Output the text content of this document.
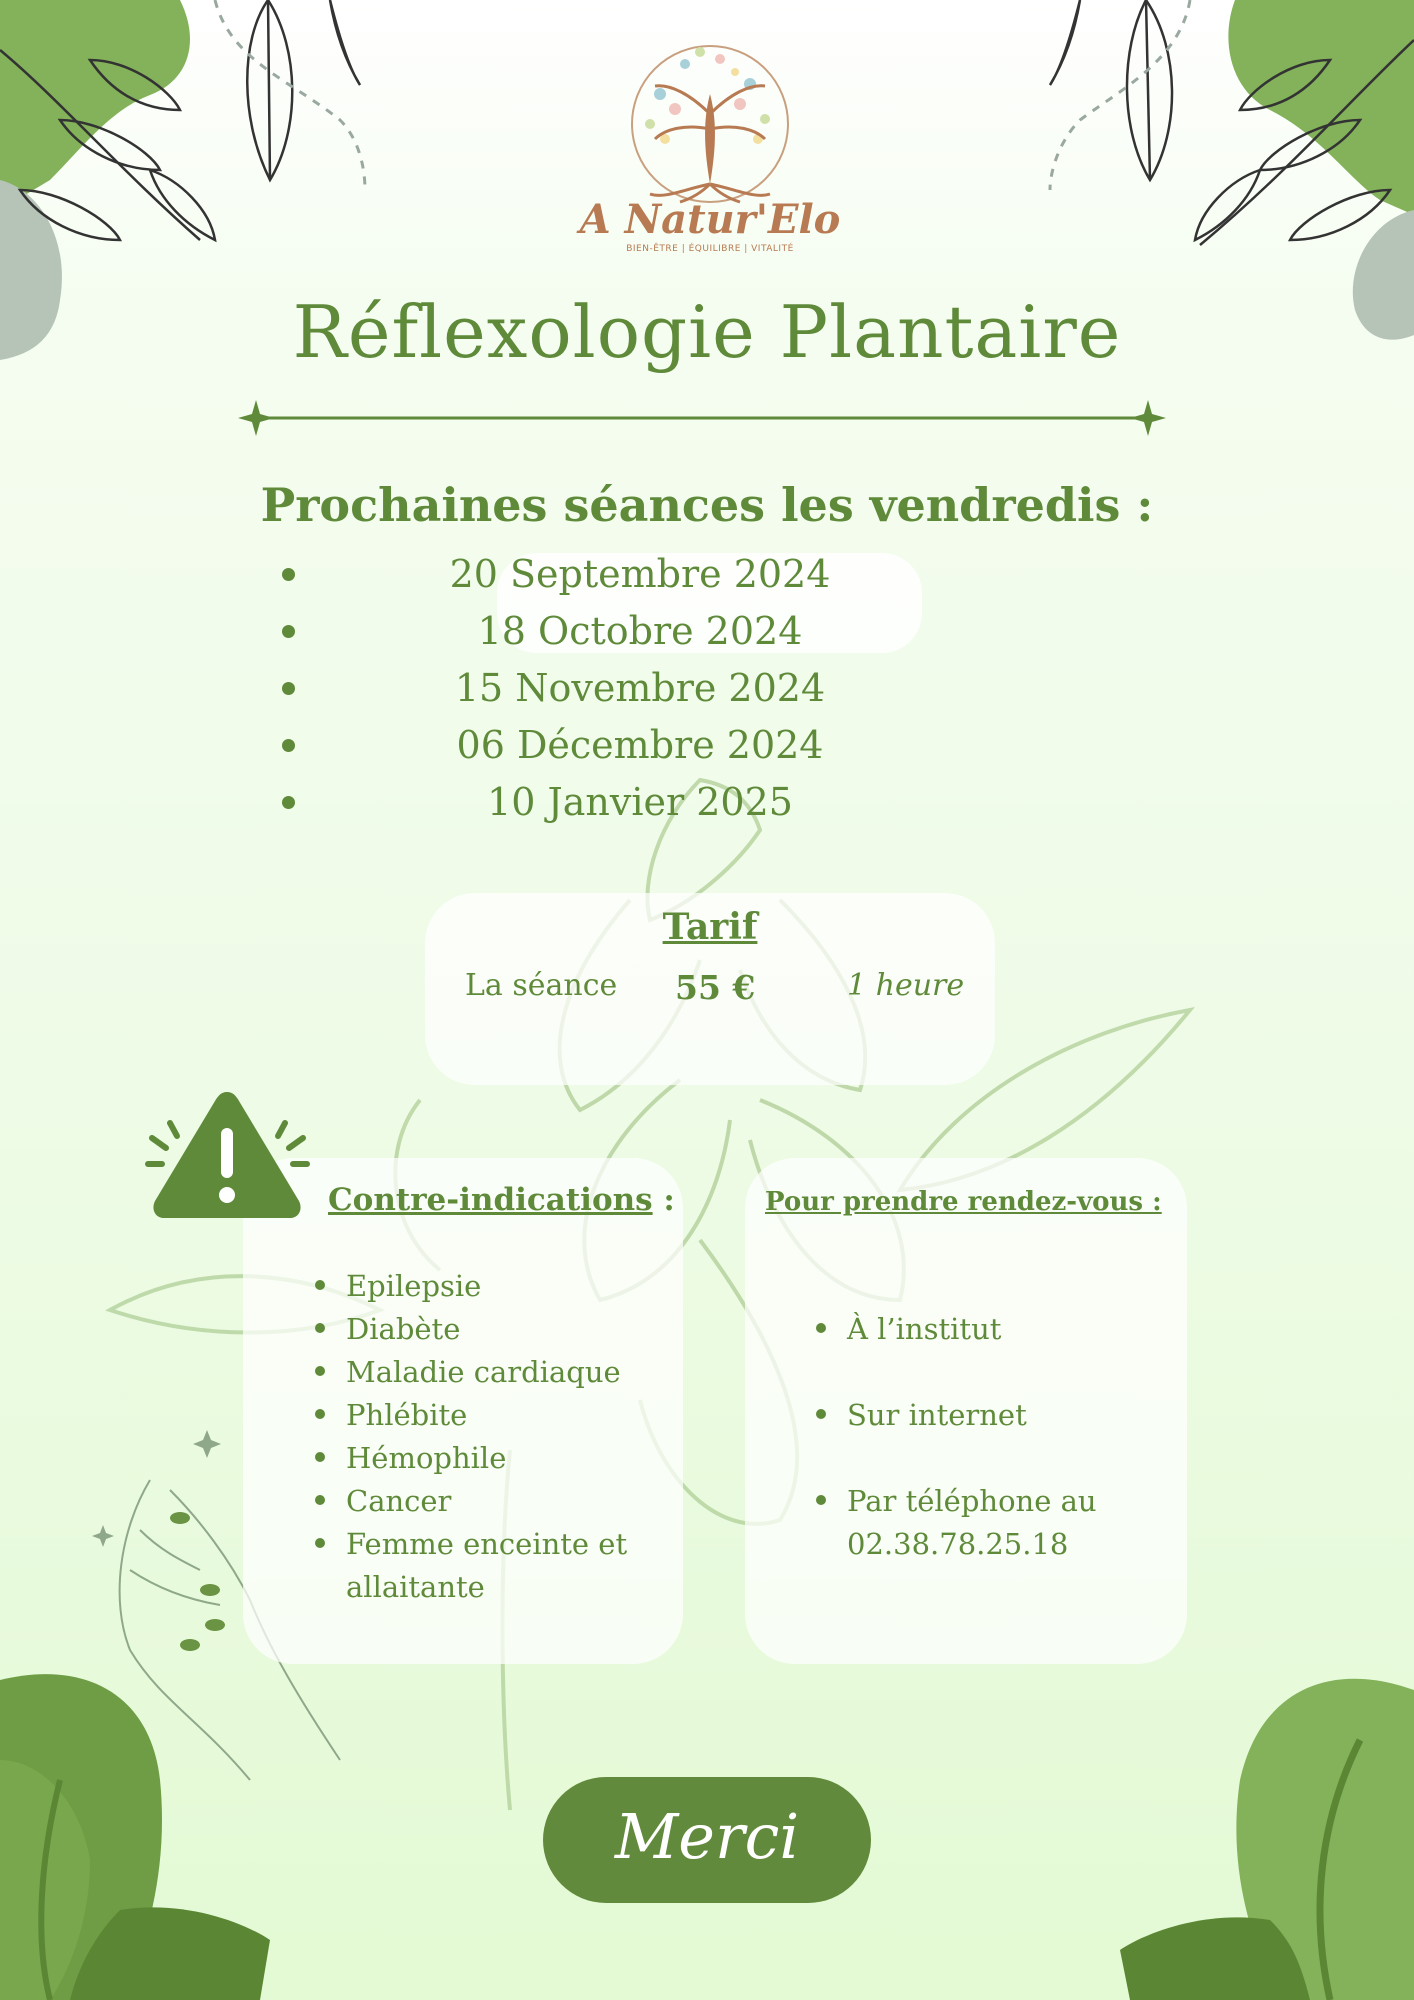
A Natur'Elo
BIEN-ÊTRE | ÉQUILIBRE | VITALITÉ
Réflexologie Plantaire
Prochaines séances les vendredis :
20 Septembre 2024
18 Octobre 2024
15 Novembre 2024
06 Décembre 2024
10 Janvier 2025
Tarif
La séance 55 €	1 heure
Contre-indications :
Epilepsie
Diabète
Maladie cardiaque
Phlébite
Hémophile
Cancer
Femme enceinte et allaitante
Pour prendre rendez-vous :
À l’institut
Sur internet
Par téléphone au 02.38.78.25.18
Merci
